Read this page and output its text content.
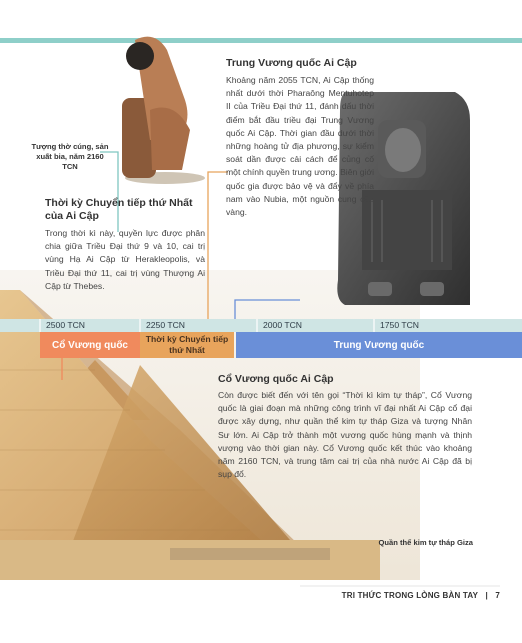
Tượng thờ cúng, sản xuất bia, năm 2160 TCN
Thời kỳ Chuyển tiếp thứ Nhất của Ai Cập
Trong thời kì này, quyền lực được phân chia giữa Triều Đại thứ 9 và 10, cai trị vùng Hạ Ai Cập từ Herakleopolis, và Triều Đại thứ 11, cai trị vùng Thượng Ai Cập từ Thebes.
Trung Vương quốc Ai Cập
Khoảng năm 2055 TCN, Ai Cập thống nhất dưới thời Pharaông Mentuhotep II của Triều Đại thứ 11, đánh dấu thời điểm bắt đầu triều đại Trung Vương quốc Ai Cập. Thời gian đầu dưới thời những hoàng tử địa phương, sự kiểm soát dần được cải cách để củng cố một chính quyền trung ương. Biên giới quốc gia được bảo vệ và đẩy về phía nam vào Nubia, một nguồn cung cấp vàng.
2500 TCN	2250 TCN	2000 TCN	1750 TCN
Cổ Vương quốc
Thời kỳ Chuyển tiếp thứ Nhất	Trung Vương quốc
Cổ Vương quốc Ai Cập
Còn được biết đến với tên gọi “Thời kì kim tự tháp”, Cổ Vương quốc là giai đoạn mà những công trình vĩ đại nhất Ai Cập cổ đại được xây dựng, như quần thể kim tự tháp Giza và tượng Nhân Sư lớn. Ai Cập trở thành một vương quốc hùng mạnh và thịnh vượng vào thời gian này. Cổ Vương quốc kết thúc vào khoảng năm 2160 TCN, và trung tâm cai trị của nhà nước Ai Cập đã bị sụp đổ.
Quần thể kim tự tháp Giza
TRI THỨC TRONG LÒNG BÀN TAY | 7
